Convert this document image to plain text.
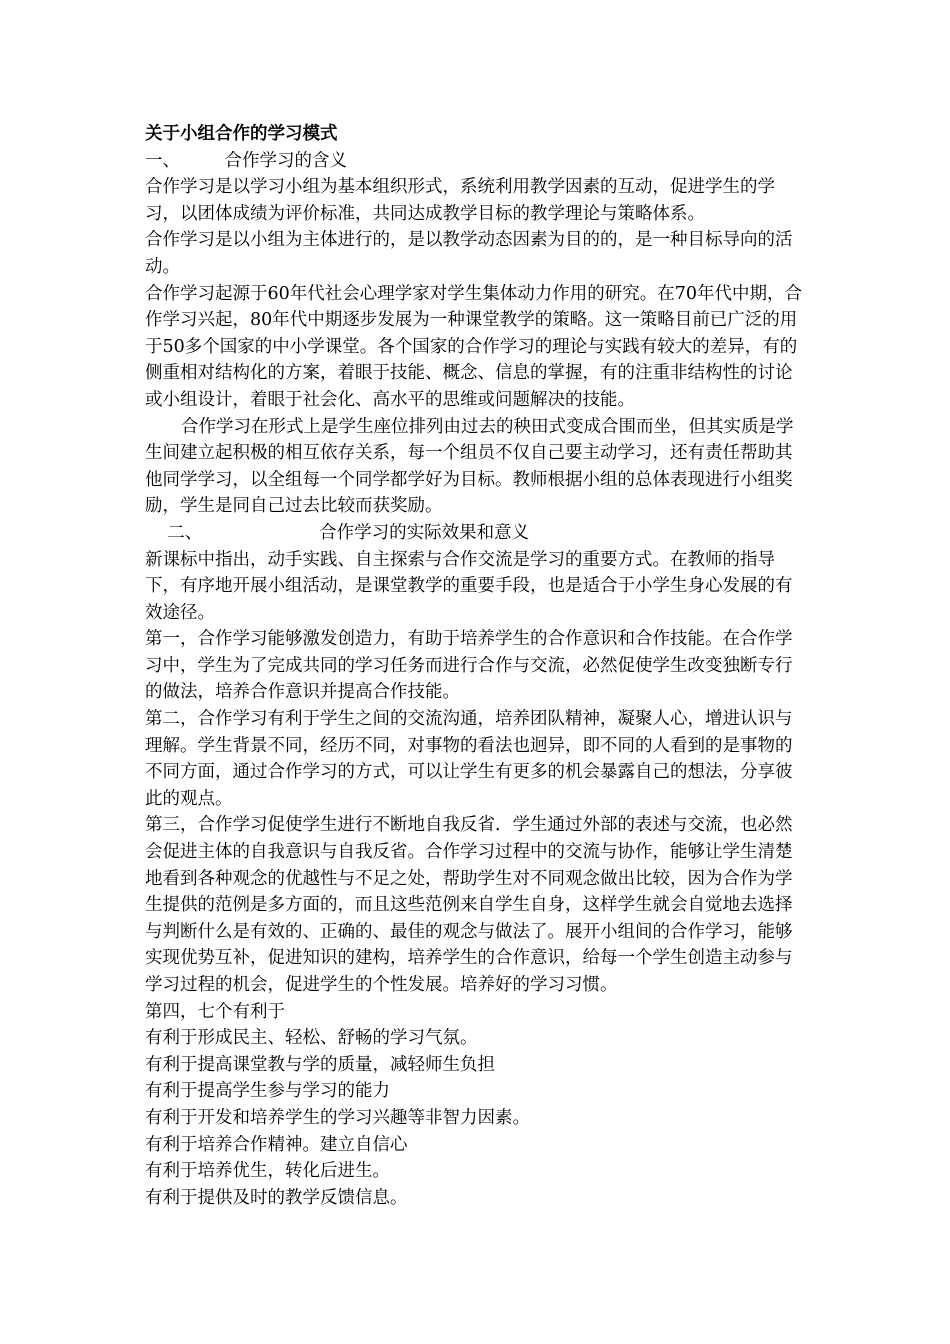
关于小组合作的学习模式

一、        合作学习的含义

合作学习是以学习小组为基本组织形式，系统利用教学因素的互动，促进学生的学习，以团体成绩为评价标准，共同达成教学目标的教学理论与策略体系。

合作学习是以小组为主体进行的，是以教学动态因素为目的的，是一种目标导向的活动。

合作学习起源于60年代社会心理学家对学生集体动力作用的研究。在70年代中期，合作学习兴起，80年代中期逐步发展为一种课堂教学的策略。这一策略目前已广泛的用于50多个国家的中小学课堂。各个国家的合作学习的理论与实践有较大的差异，有的侧重相对结构化的方案，着眼于技能、概念、信息的掌握，有的注重非结构性的讨论或小组设计，着眼于社会化、高水平的思维或问题解决的技能。

合作学习在形式上是学生座位排列由过去的秧田式变成合围而坐，但其实质是学生间建立起积极的相互依存关系，每一个组员不仅自己要主动学习，还有责任帮助其他同学学习，以全组每一个同学都学好为目标。教师根据小组的总体表现进行小组奖励，学生是同自己过去比较而获奖励。

二、                     合作学习的实际效果和意义

新课标中指出，动手实践、自主探索与合作交流是学习的重要方式。在教师的指导下，有序地开展小组活动，是课堂教学的重要手段，也是适合于小学生身心发展的有效途径。

第一，合作学习能够激发创造力，有助于培养学生的合作意识和合作技能。在合作学习中，学生为了完成共同的学习任务而进行合作与交流，必然促使学生改变独断专行的做法，培养合作意识并提高合作技能。

第二，合作学习有利于学生之间的交流沟通，培养团队精神，凝聚人心，增进认识与理解。学生背景不同，经历不同，对事物的看法也迥异，即不同的人看到的是事物的不同方面，通过合作学习的方式，可以让学生有更多的机会暴露自己的想法，分享彼此的观点。

第三，合作学习促使学生进行不断地自我反省．学生通过外部的表述与交流，也必然会促进主体的自我意识与自我反省。合作学习过程中的交流与协作，能够让学生清楚地看到各种观念的优越性与不足之处，帮助学生对不同观念做出比较，因为合作为学生提供的范例是多方面的，而且这些范例来自学生自身，这样学生就会自觉地去选择与判断什么是有效的、正确的、最佳的观念与做法了。展开小组间的合作学习，能够实现优势互补，促进知识的建构，培养学生的合作意识，给每一个学生创造主动参与学习过程的机会，促进学生的个性发展。培养好的学习习惯。

第四，七个有利于

有利于形成民主、轻松、舒畅的学习气氛。

有利于提高课堂教与学的质量，减轻师生负担

有利于提高学生参与学习的能力

有利于开发和培养学生的学习兴趣等非智力因素。

有利于培养合作精神。建立自信心

有利于培养优生，转化后进生。

有利于提供及时的教学反馈信息。
